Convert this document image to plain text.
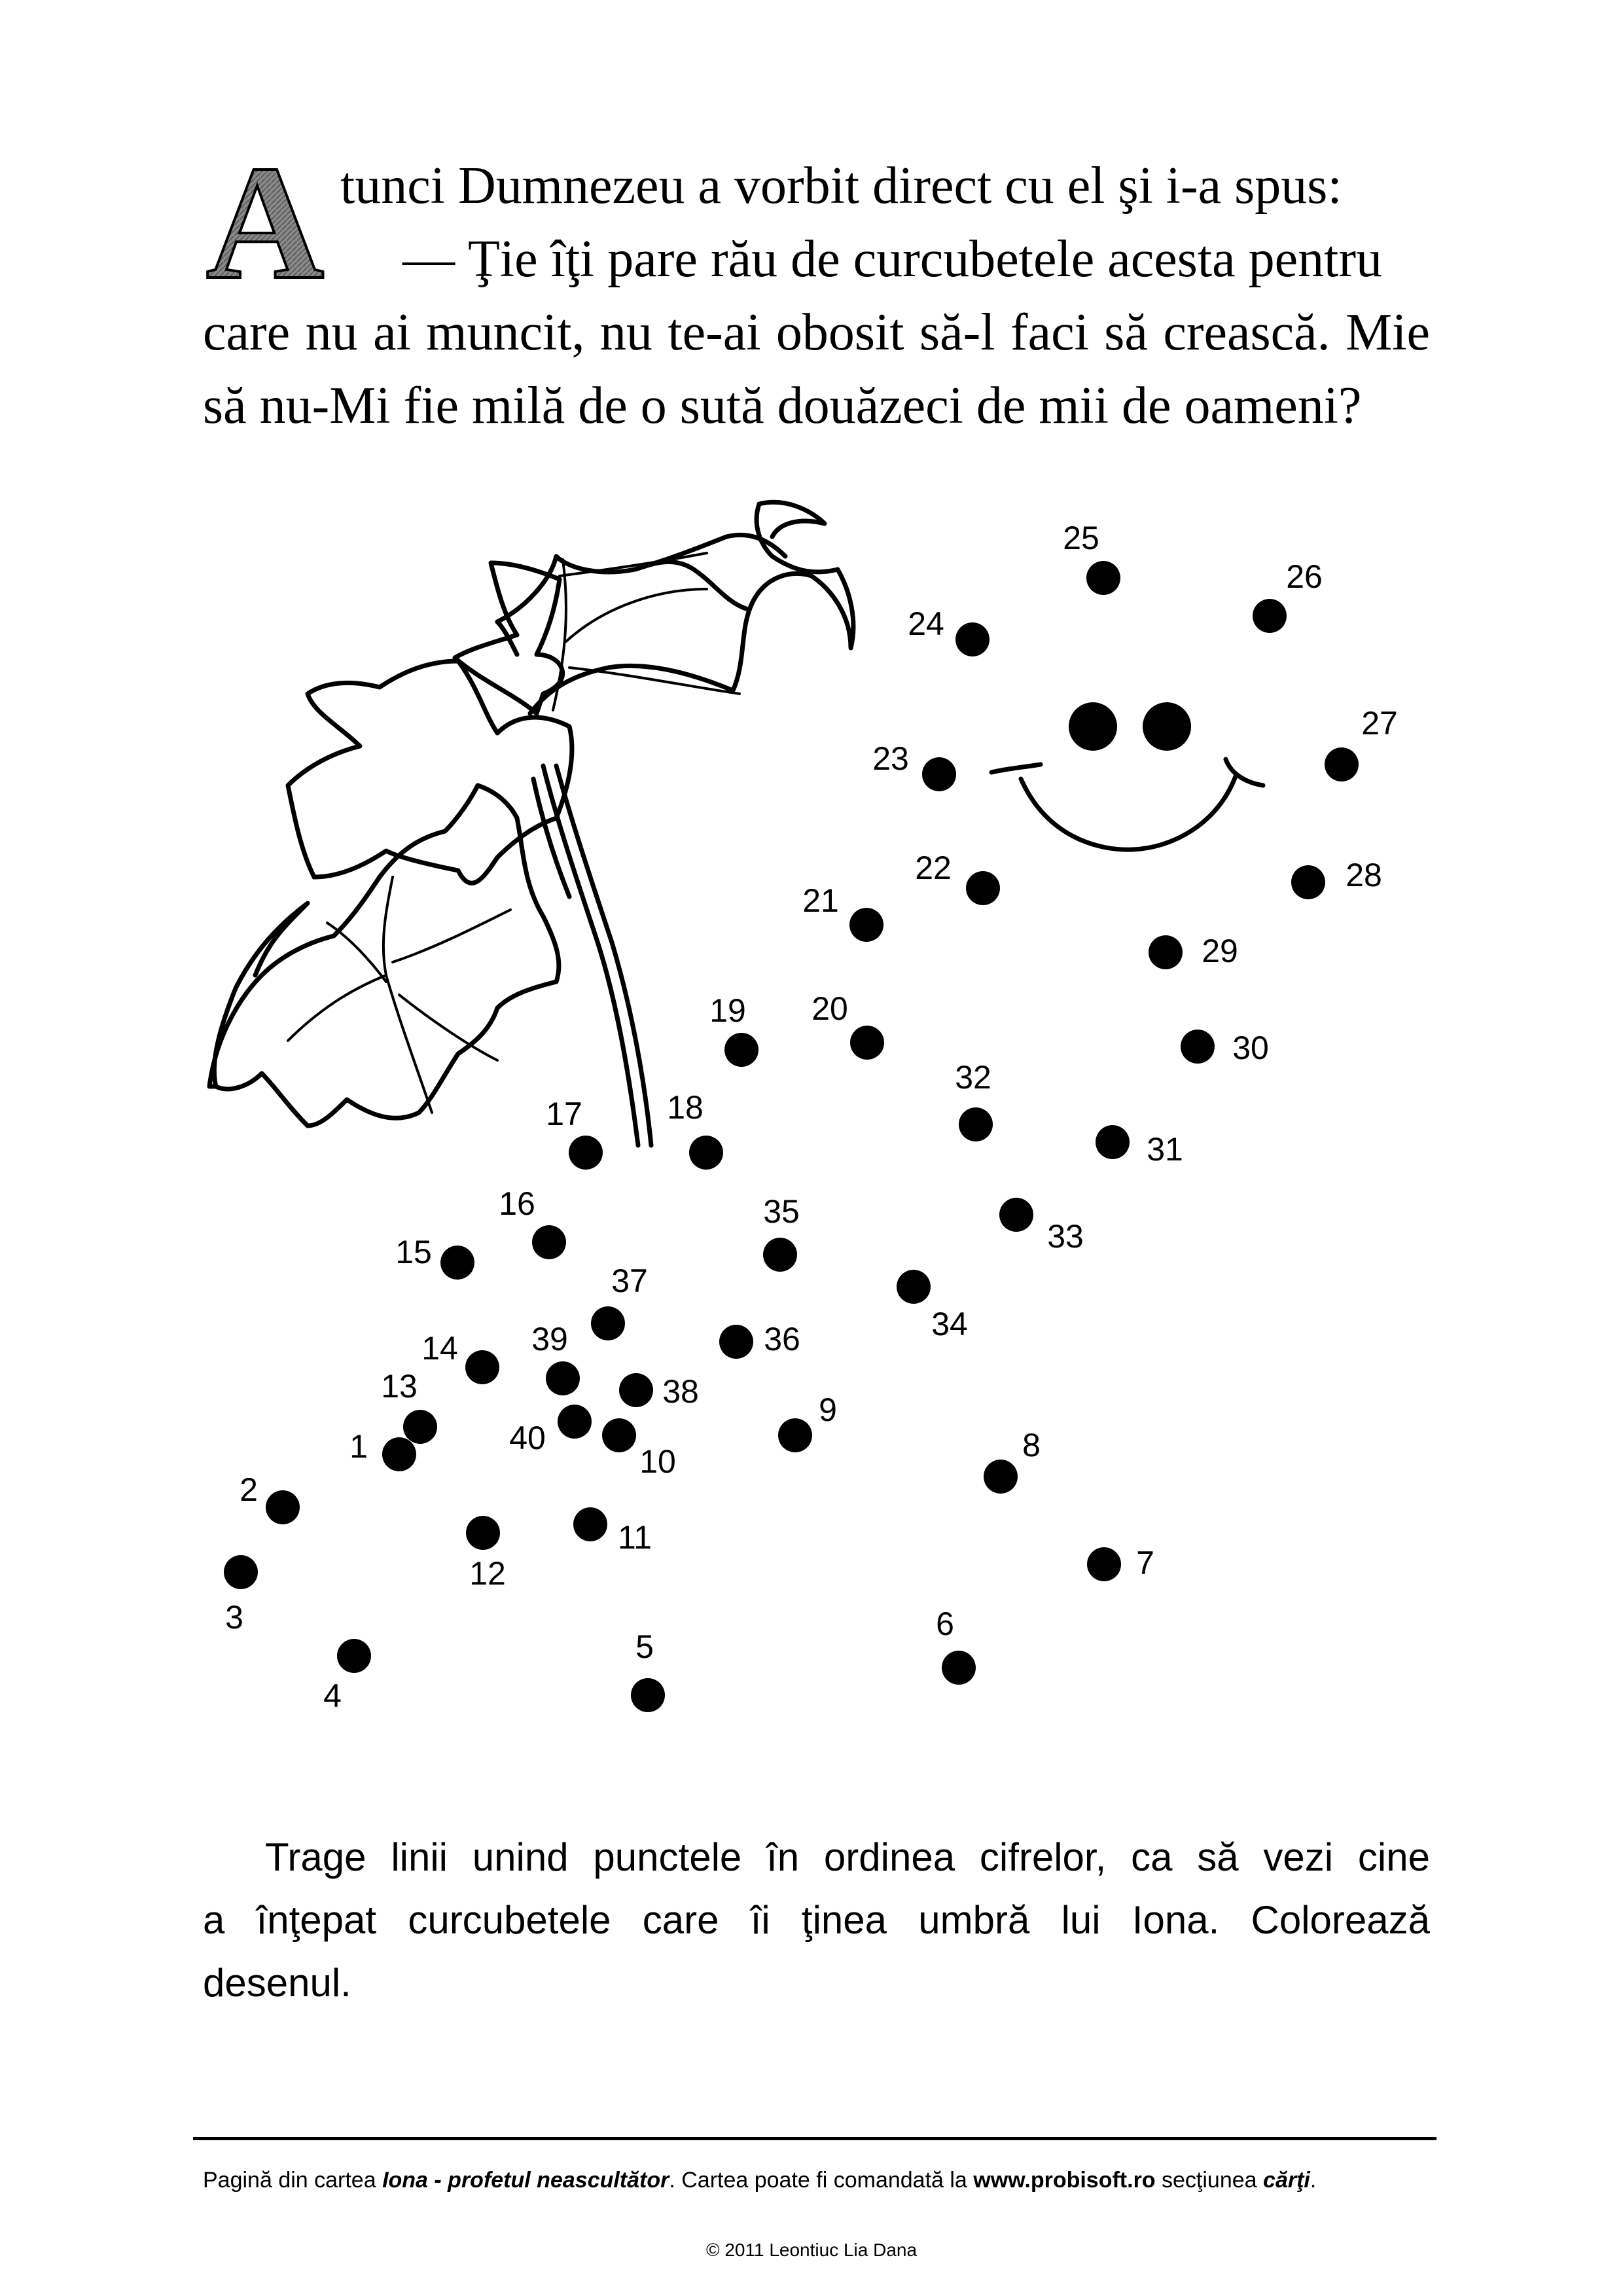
A tunci Dumnezeu a vorbit direct cu el şi i-a spus:
— Ţie îţi pare rău de curcubetele acesta pentru
care nu ai muncit, nu te-ai obosit să-l faci să crească. Mie
să nu-Mi fie milă de o sută douăzeci de mii de oameni?
1
2
3
4
5
6
7
8
9
10
11
12
13
14
15
16
17	18
19 20
21
22
23
24
25
26
27
28
29
30
31
32
33
34
35
36
37
38
39
40
Trage linii unind punctele în ordinea cifrelor, ca să vezi cine
a înţepat curcubetele care îi ţinea umbră lui Iona. Colorează
desenul.
Pagină din cartea Iona - profetul neascultător. Cartea poate fi comandată la www.probisoft.ro secţiunea cărţi.
© 2011 Leontiuc Lia Dana
